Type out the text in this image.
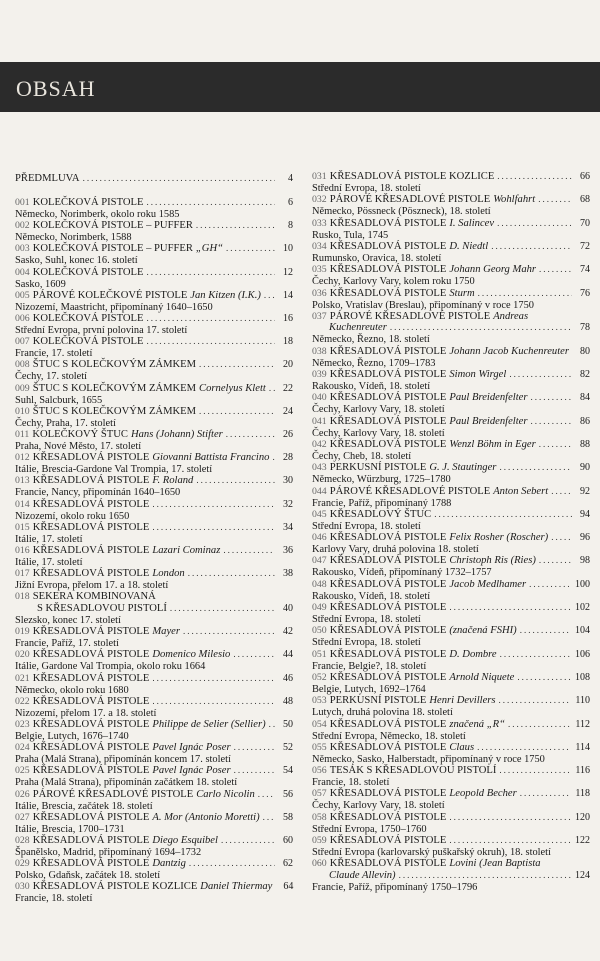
OBSAH
PŘEDMLUVA .....	4
001 KOLEČKOVÁ PISTOLE .....	6
Německo, Norimberk, okolo roku 1585
002 KOLEČKOVÁ PISTOLE – PUFFER .....	8
Německo, Norimberk, 1588
003 KOLEČKOVÁ PISTOLE – PUFFER „GH“ .....	10
Sasko, Suhl, konec 16. století
004 KOLEČKOVÁ PISTOLE .....	12
Sasko, 1609
005 PÁROVÉ KOLEČKOVÉ PISTOLE Jan Kitzen (I.K.) .....	14
Nizozemí, Maastricht, připomínaný 1640–1650
006 KOLEČKOVÁ PISTOLE .....	16
Střední Evropa, první polovina 17. století
007 KOLEČKOVÁ PISTOLE .....	18
Francie, 17. století
008 ŠTUC S KOLEČKOVÝM ZÁMKEM .....	20
Čechy, 17. století
009 ŠTUC S KOLEČKOVÝM ZÁMKEM Cornelyus Klett .....	22
Suhl, Salcburk, 1655
010 ŠTUC S KOLEČKOVÝM ZÁMKEM .....	24
Čechy, Praha, 17. století
011 KOLEČKOVÝ ŠTUC Hans (Johann) Stifter .....	26
Praha, Nové Město, 17. století
012 KŘESADLOVÁ PISTOLE Giovanni Battista Francino .....	28
Itálie, Brescia-Gardone Val Trompia, 17. století
013 KŘESADLOVÁ PISTOLE F. Roland .....	30
Francie, Nancy, připomínán 1640–1650
014 KŘESADLOVÁ PISTOLE .....	32
Nizozemí, okolo roku 1650
015 KŘESADLOVÁ PISTOLE .....	34
Itálie, 17. století
016 KŘESADLOVÁ PISTOLE Lazari Cominaz .....	36
Itálie, 17. století
017 KŘESADLOVÁ PISTOLE London .....	38
Jižní Evropa, přelom 17. a 18. století
018 SEKERA KOMBINOVANÁ
S KŘESADLOVOU PISTOLÍ .....	40
Slezsko, konec 17. století
019 KŘESADLOVÁ PISTOLE Mayer .....	42
Francie, Paříž, 17. století
020 KŘESADLOVÁ PISTOLE Domenico Milesio .....	44
Itálie, Gardone Val Trompia, okolo roku 1664
021 KŘESADLOVÁ PISTOLE .....	46
Německo, okolo roku 1680
022 KŘESADLOVÁ PISTOLE .....	48
Nizozemí, přelom 17. a 18. století
023 KŘESADLOVÁ PISTOLE Philippe de Selier (Sellier) .....	50
Belgie, Lutych, 1676–1740
024 KŘESADLOVÁ PISTOLE Pavel Ignác Poser .....	52
Praha (Malá Strana), připomínán koncem 17. století
025 KŘESADLOVÁ PISTOLE Pavel Ignác Poser .....	54
Praha (Malá Strana), připomínán začátkem 18. století
026 PÁROVÉ KŘESADLOVÉ PISTOLE Carlo Nicolin .....	56
Itálie, Brescia, začátek 18. století
027 KŘESADLOVÁ PISTOLE A. Mor (Antonio Moretti) .....	58
Itálie, Brescia, 1700–1731
028 KŘESADLOVÁ PISTOLE Diego Esquibel .....	60
Španělsko, Madrid, připomínaný 1694–1732
029 KŘESADLOVÁ PISTOLE Dantzig .....	62
Polsko, Gdaňsk, začátek 18. století
030 KŘESADLOVÁ PISTOLE KOZLICE Daniel Thiermay	64
Francie, 18. století
031 KŘESADLOVÁ PISTOLE KOZLICE .....	66
Střední Evropa, 18. století
032 PÁROVÉ KŘESADLOVÉ PISTOLE Wohlfahrt .....	68
Německo, Pössneck (Pöszneck), 18. století
033 KŘESADLOVÁ PISTOLE I. Salincev .....	70
Rusko, Tula, 1745
034 KŘESADLOVÁ PISTOLE D. Niedtl .....	72
Rumunsko, Oravica, 18. století
035 KŘESADLOVÁ PISTOLE Johann Georg Mahr .....	74
Čechy, Karlovy Vary, kolem roku 1750
036 KŘESADLOVÁ PISTOLE Sturm .....	76
Polsko, Vratislav (Breslau), připomínaný v roce 1750
037 PÁROVÉ KŘESADLOVÉ PISTOLE Andreas
Kuchenreuter .....	78
Německo, Řezno, 18. století
038 KŘESADLOVÁ PISTOLE Johann Jacob Kuchenreuter .....	80
Německo, Řezno, 1709–1783
039 KŘESADLOVÁ PISTOLE Simon Wirgel .....	82
Rakousko, Vídeň, 18. století
040 KŘESADLOVÁ PISTOLE Paul Breidenfelter .....	84
Čechy, Karlovy Vary, 18. století
041 KŘESADLOVÁ PISTOLE Paul Breidenfelter .....	86
Čechy, Karlovy Vary, 18. století
042 KŘESADLOVÁ PISTOLE Wenzl Böhm in Eger .....	88
Čechy, Cheb, 18. století
043 PERKUSNÍ PISTOLE G. J. Stautinger .....	90
Německo, Würzburg, 1725–1780
044 PÁROVÉ KŘESADLOVÉ PISTOLE Anton Sebert .....	92
Francie, Paříž, připomínaný 1788
045 KŘESADLOVÝ ŠTUC .....	94
Střední Evropa, 18. století
046 KŘESADLOVÁ PISTOLE Felix Rosher (Roscher) .....	96
Karlovy Vary, druhá polovina 18. století
047 KŘESADLOVÁ PISTOLE Christoph Ris (Ries) .....	98
Rakousko, Vídeň, připomínaný 1732–1757
048 KŘESADLOVÁ PISTOLE Jacob Medlhamer .....	100
Rakousko, Vídeň, 18. století
049 KŘESADLOVÁ PISTOLE .....	102
Střední Evropa, 18. století
050 KŘESADLOVÁ PISTOLE (značená FSHI) .....	104
Střední Evropa, 18. století
051 KŘESADLOVÁ PISTOLE D. Dombre .....	106
Francie, Belgie?, 18. století
052 KŘESADLOVÁ PISTOLE Arnold Niquete .....	108
Belgie, Lutych, 1692–1764
053 PERKUSNÍ PISTOLE Henri Devillers .....	110
Lutych, druhá polovina 18. století
054 KŘESADLOVÁ PISTOLE značená „R“ .....	112
Střední Evropa, Německo, 18. století
055 KŘESADLOVÁ PISTOLE Claus .....	114
Německo, Sasko, Halberstadt, připomínaný v roce 1750
056 TESÁK S KŘESADLOVOU PISTOLÍ .....	116
Francie, 18. století
057 KŘESADLOVÁ PISTOLE Leopold Becher .....	118
Čechy, Karlovy Vary, 18. století
058 KŘESADLOVÁ PISTOLE .....	120
Střední Evropa, 1750–1760
059 KŘESADLOVÁ PISTOLE .....	122
Střední Evropa (karlovarský puškařský okruh), 18. století
060 KŘESADLOVÁ PISTOLE Lovini (Jean Baptista
Claude Allevin) .....	124
Francie, Paříž, připomínaný 1750–1796
